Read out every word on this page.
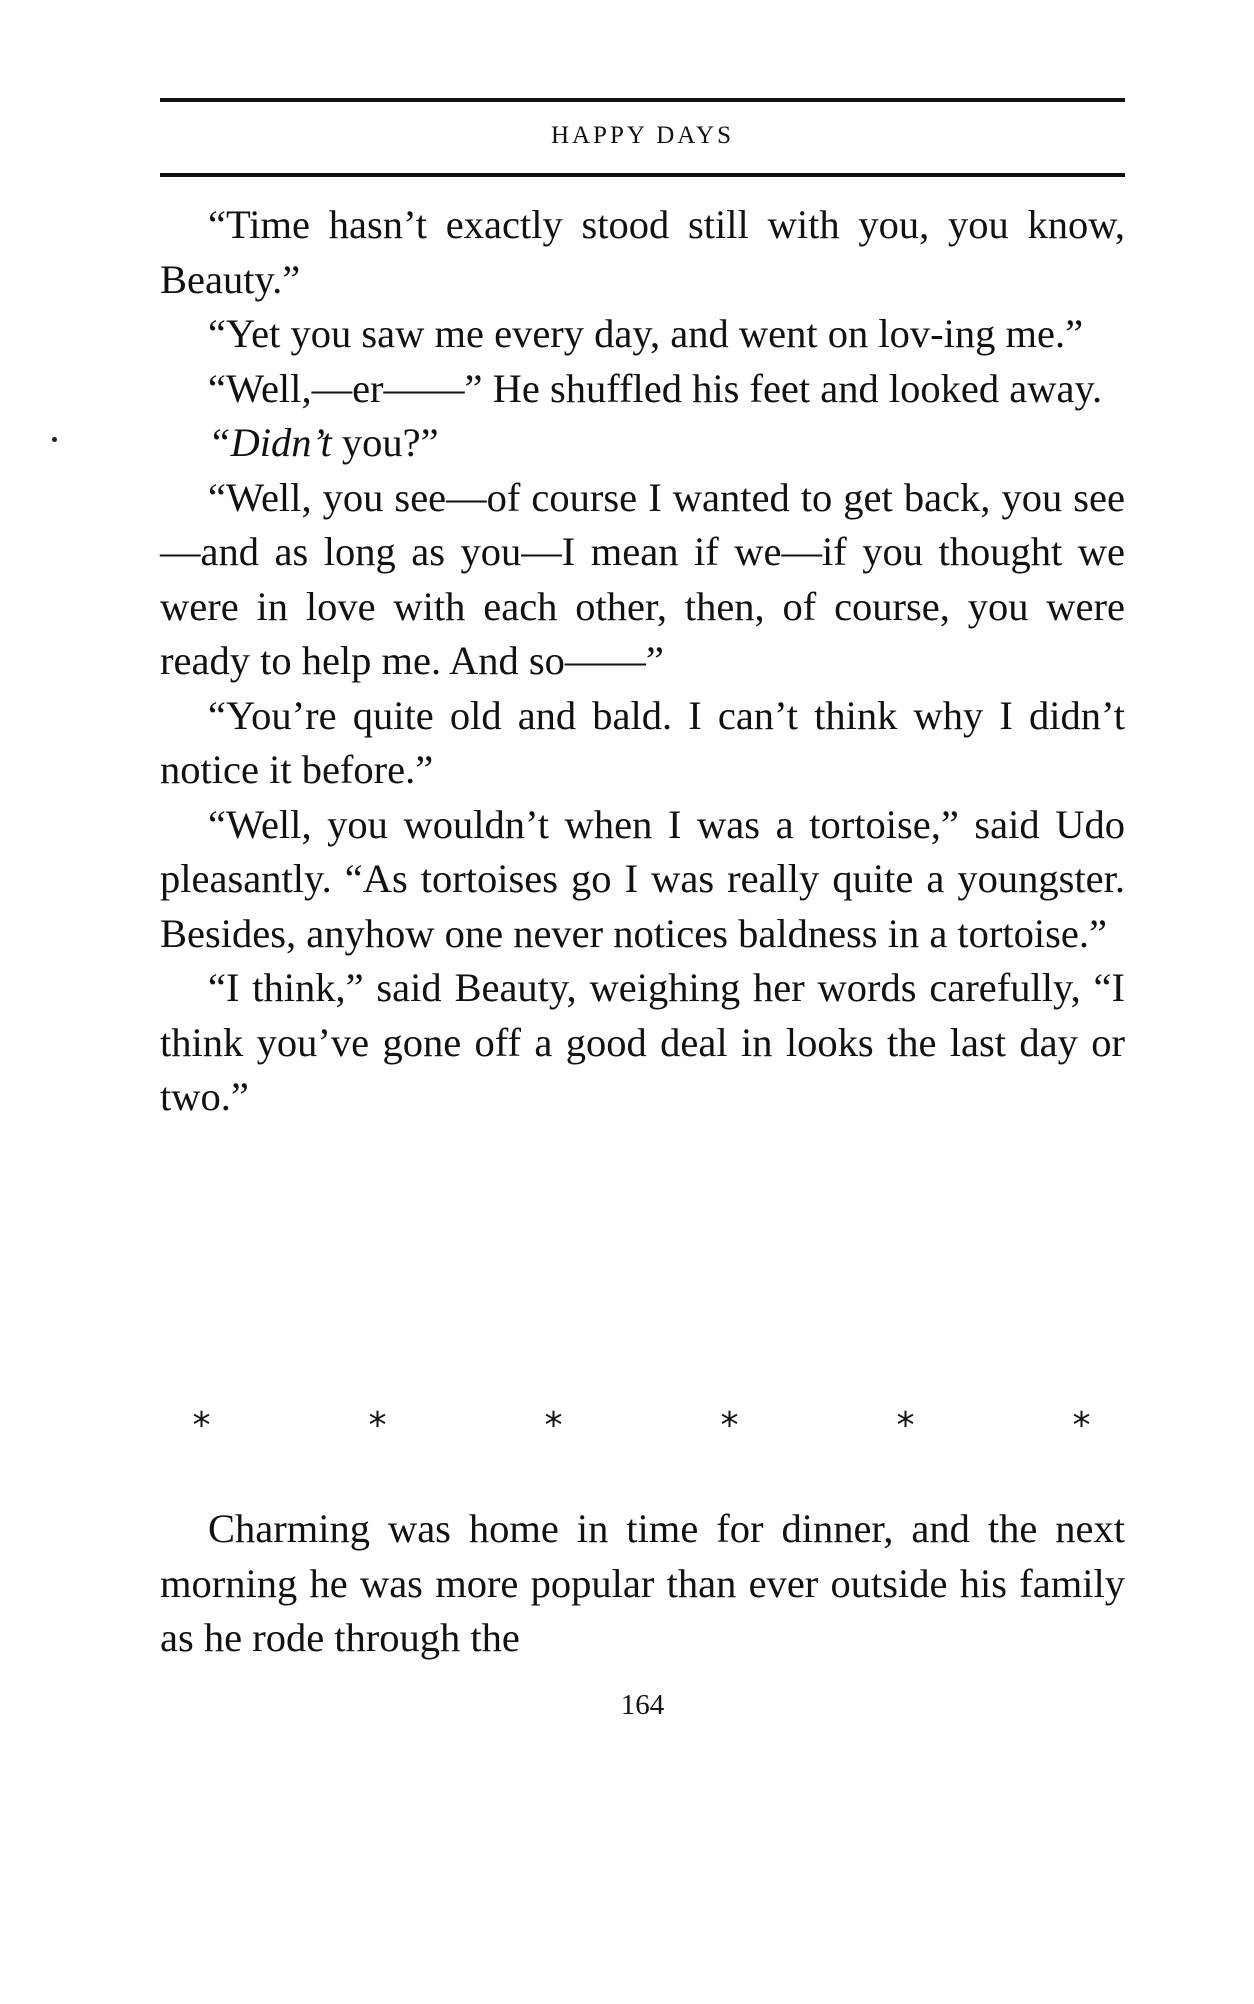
HAPPY DAYS

“Time hasn’t exactly stood still with you, you know, Beauty.”

“Yet you saw me every day, and went on lov-ing me.”

“Well,—er——” He shuffled his feet and looked away.

“Didn’t you?”

“Well, you see—of course I wanted to get back, you see—and as long as you—I mean if we—if you thought we were in love with each other, then, of course, you were ready to help me. And so——”

“You’re quite old and bald. I can’t think why I didn’t notice it before.”

“Well, you wouldn’t when I was a tortoise,” said Udo pleasantly. “As tortoises go I was really quite a youngster. Besides, anyhow one never notices baldness in a tortoise.”

“I think,” said Beauty, weighing her words carefully, “I think you’ve gone off a good deal in looks the last day or two.”

*	*	*	*	*	*

Charming was home in time for dinner, and the next morning he was more popular than ever outside his family as he rode through the

164
